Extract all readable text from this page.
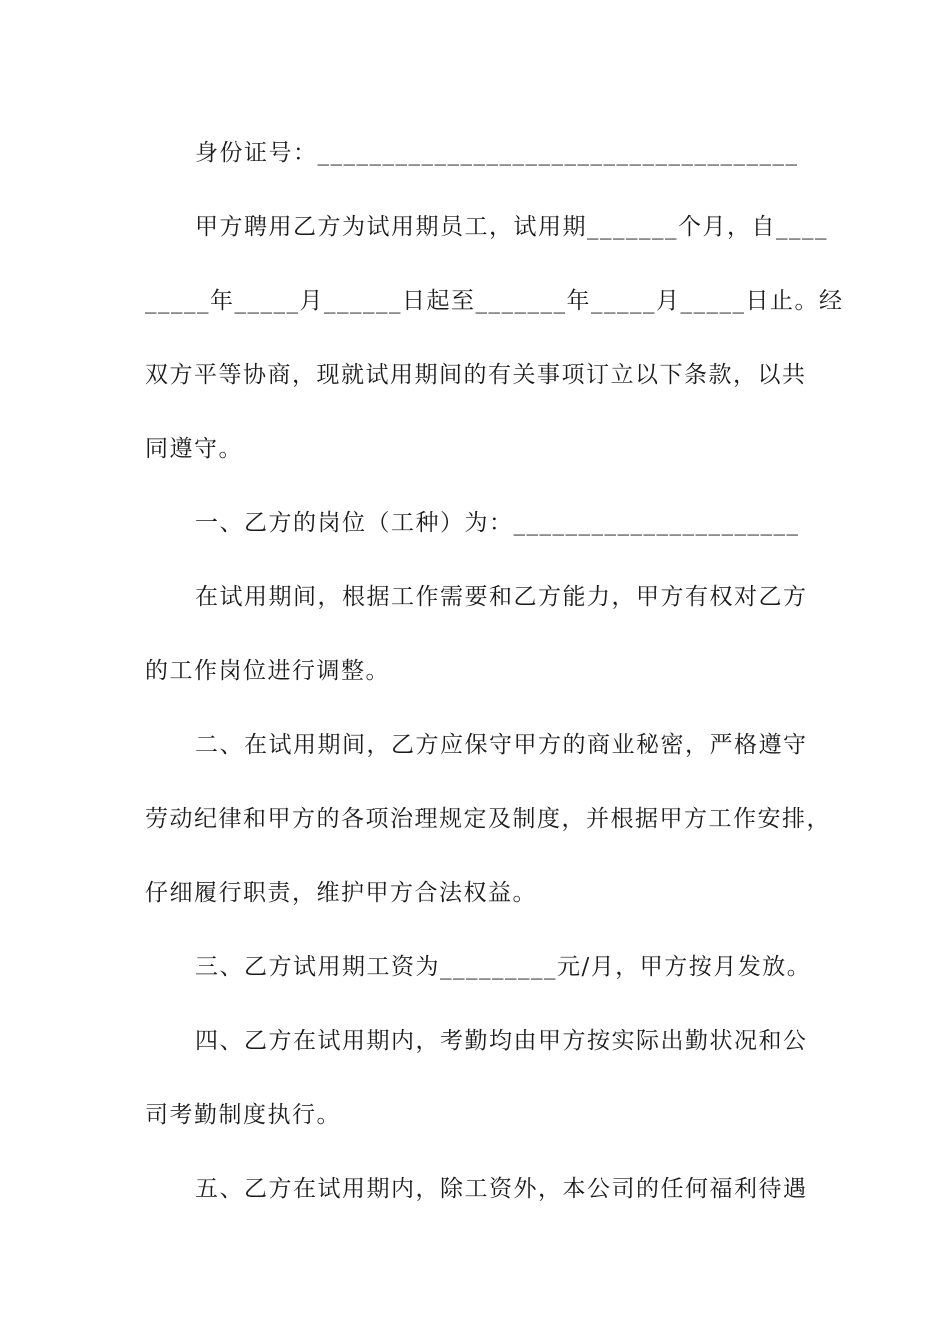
身份证号：_____________________________________
甲方聘用乙方为试用期员工，试用期_______个月，自____
_____年_____月______日起至_______年_____月_____日止。经
双方平等协商，现就试用期间的有关事项订立以下条款，以共
同遵守。
一、乙方的岗位（工种）为：______________________
在试用期间，根据工作需要和乙方能力，甲方有权对乙方
的工作岗位进行调整。
二、在试用期间，乙方应保守甲方的商业秘密，严格遵守
劳动纪律和甲方的各项治理规定及制度，并根据甲方工作安排，
仔细履行职责，维护甲方合法权益。
三、乙方试用期工资为_________元/月，甲方按月发放。
四、乙方在试用期内，考勤均由甲方按实际出勤状况和公
司考勤制度执行。
五、乙方在试用期内，除工资外，本公司的任何福利待遇
